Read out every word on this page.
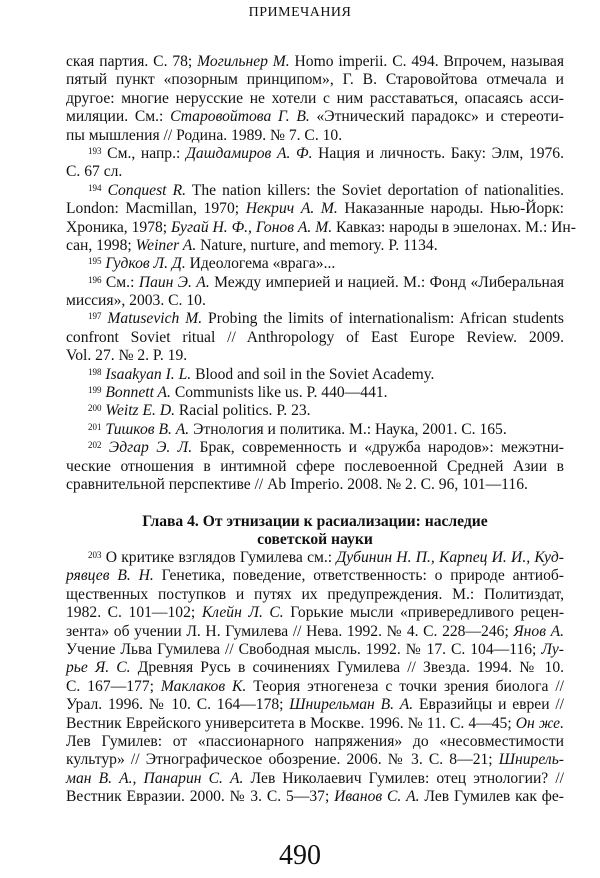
ПРИМЕЧАНИЯ
ская партия. С. 78; Могильнер М. Homo imperii. С. 494. Впрочем, называя
пятый пункт «позорным принципом», Г. В. Старовойтова отмечала и
другое: многие нерусские не хотели с ним расставаться, опасаясь асси-
миляции. См.: Старовойтова Г. В. «Этнический парадокс» и стереоти-
пы мышления // Родина. 1989. № 7. С. 10.
$^{193}$ См., напр.: Дашдамиров А. Ф. Нация и личность. Баку: Элм, 1976.
С. 67 сл.
$^{194}$ Conquest R. The nation killers: the Soviet deportation of nationalities.
London: Macmillan, 1970; Некрич А. М. Наказанные народы. Нью-Йорк:
Хроника, 1978; Бугай Н. Ф., Гонов А. М. Кавказ: народы в эшелонах. М.: Ин-
сан, 1998; Weiner A. Nature, nurture, and memory. P. 1134.
$^{195}$ Гудков Л. Д. Идеологема «врага»...
$^{196}$ См.: Паин Э. А. Между империей и нацией. М.: Фонд «Либеральная
миссия», 2003. С. 10.
$^{197}$ Matusevich M. Probing the limits of internationalism: African students
confront Soviet ritual // Anthropology of East Europe Review. 2009.
Vol. 27. № 2. P. 19.
$^{198}$ Isaakyan I. L. Blood and soil in the Soviet Academy.
$^{199}$ Bonnett A. Communists like us. P. 440—441.
$^{200}$ Weitz E. D. Racial politics. P. 23.
$^{201}$ Тишков В. А. Этнология и политика. М.: Наука, 2001. С. 165.
$^{202}$ Эдгар Э. Л. Брак, современность и «дружба народов»: межэтни-
ческие отношения в интимной сфере послевоенной Средней Азии в
сравнительной перспективе // Ab Imperio. 2008. № 2. С. 96, 101—116.
Глава 4. От этнизации к расиализации: наследие
советской науки
$^{203}$ О критике взглядов Гумилева см.: Дубинин Н. П., Карпец И. И., Куд-
рявцев В. Н. Генетика, поведение, ответственность: о природе антиоб-
щественных поступков и путях их предупреждения. М.: Политиздат,
1982. С. 101—102; Клейн Л. С. Горькие мысли «привередливого рецен-
зента» об учении Л. Н. Гумилева // Нева. 1992. № 4. С. 228—246; Янов А.
Учение Льва Гумилева // Свободная мысль. 1992. № 17. С. 104—116; Лу-
рье Я. С. Древняя Русь в сочинениях Гумилева // Звезда. 1994. № 10.
С. 167—177; Маклаков К. Теория этногенеза с точки зрения биолога //
Урал. 1996. № 10. С. 164—178; Шнирельман В. А. Евразийцы и евреи //
Вестник Еврейского университета в Москве. 1996. № 11. С. 4—45; Он же.
Лев Гумилев: от «пассионарного напряжения» до «несовместимости
культур» // Этнографическое обозрение. 2006. № 3. С. 8—21; Шнирель-
ман В. А., Панарин С. А. Лев Николаевич Гумилев: отец этнологии? //
Вестник Евразии. 2000. № 3. С. 5—37; Иванов С. А. Лев Гумилев как фе-
490
